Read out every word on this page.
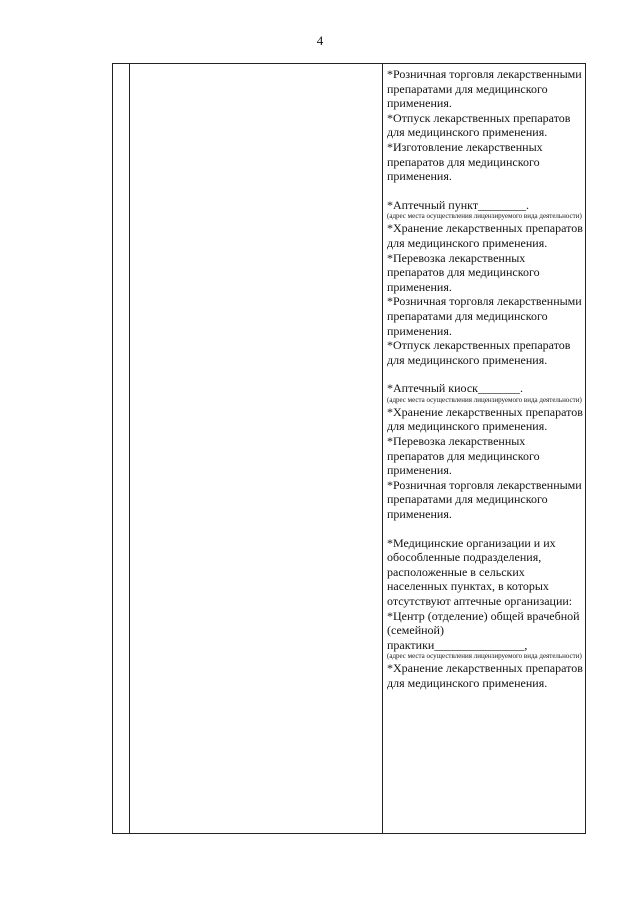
4

*Розничная торговля лекарственными препаратами для медицинского применения.

*Отпуск лекарственных препаратов для медицинского применения.

*Изготовление лекарственных препаратов для медицинского применения.

*Аптечный пункт________.

(адрес места осуществления лицензируемого вида деятельности)

*Хранение лекарственных препаратов для медицинского применения.

*Перевозка лекарственных препаратов для медицинского применения.

*Розничная торговля лекарственными препаратами для медицинского применения.

*Отпуск лекарственных препаратов для медицинского применения.

*Аптечный киоск_______.

(адрес места осуществления лицензируемого вида деятельности)

*Хранение лекарственных препаратов для медицинского применения.

*Перевозка лекарственных препаратов для медицинского применения.

*Розничная торговля лекарственными препаратами для медицинского применения.

*Медицинские организации и их обособленные подразделения, расположенные в сельских населенных пунктах, в которых отсутствуют аптечные организации:

*Центр (отделение) общей врачебной (семейной) практики_______________,

(адрес места осуществления лицензируемого вида деятельности)

*Хранение лекарственных препаратов для медицинского применения.
